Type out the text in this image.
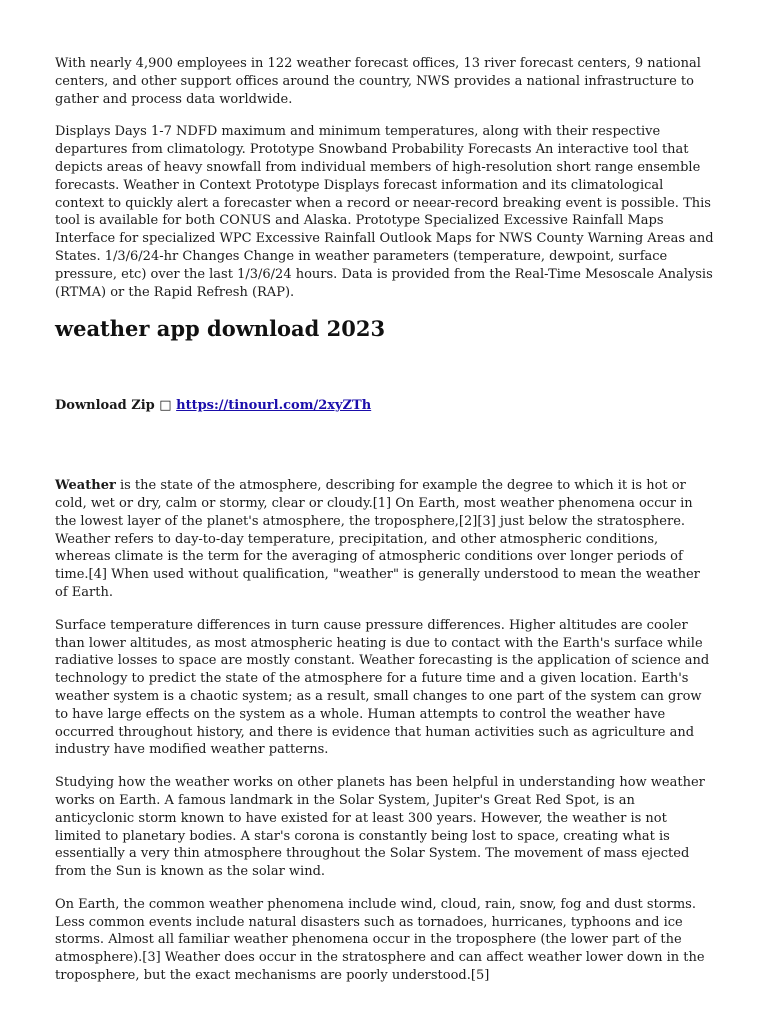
With nearly 4,900 employees in 122 weather forecast offices, 13 river forecast centers, 9 national centers, and other support offices around the country, NWS provides a national infrastructure to gather and process data worldwide.

Displays Days 1-7 NDFD maximum and minimum temperatures, along with their respective departures from climatology. Prototype Snowband Probability Forecasts An interactive tool that depicts areas of heavy snowfall from individual members of high-resolution short range ensemble forecasts. Weather in Context Prototype Displays forecast information and its climatological context to quickly alert a forecaster when a record or neear-record breaking event is possible. This tool is available for both CONUS and Alaska. Prototype Specialized Excessive Rainfall Maps Interface for specialized WPC Excessive Rainfall Outlook Maps for NWS County Warning Areas and States. 1/3/6/24-hr Changes Change in weather parameters (temperature, dewpoint, surface pressure, etc) over the last 1/3/6/24 hours. Data is provided from the Real-Time Mesoscale Analysis (RTMA) or the Rapid Refresh (RAP).

weather app download 2023
Download Zip □ https://tinourl.com/2xyZTh

Weather is the state of the atmosphere, describing for example the degree to which it is hot or cold, wet or dry, calm or stormy, clear or cloudy.[1] On Earth, most weather phenomena occur in the lowest layer of the planet's atmosphere, the troposphere,[2][3] just below the stratosphere. Weather refers to day-to-day temperature, precipitation, and other atmospheric conditions, whereas climate is the term for the averaging of atmospheric conditions over longer periods of time.[4] When used without qualification, "weather" is generally understood to mean the weather of Earth.

Surface temperature differences in turn cause pressure differences. Higher altitudes are cooler than lower altitudes, as most atmospheric heating is due to contact with the Earth's surface while radiative losses to space are mostly constant. Weather forecasting is the application of science and technology to predict the state of the atmosphere for a future time and a given location. Earth's weather system is a chaotic system; as a result, small changes to one part of the system can grow to have large effects on the system as a whole. Human attempts to control the weather have occurred throughout history, and there is evidence that human activities such as agriculture and industry have modified weather patterns.

Studying how the weather works on other planets has been helpful in understanding how weather works on Earth. A famous landmark in the Solar System, Jupiter's Great Red Spot, is an anticyclonic storm known to have existed for at least 300 years. However, the weather is not limited to planetary bodies. A star's corona is constantly being lost to space, creating what is essentially a very thin atmosphere throughout the Solar System. The movement of mass ejected from the Sun is known as the solar wind.

On Earth, the common weather phenomena include wind, cloud, rain, snow, fog and dust storms. Less common events include natural disasters such as tornadoes, hurricanes, typhoons and ice storms. Almost all familiar weather phenomena occur in the troposphere (the lower part of the atmosphere).[3] Weather does occur in the stratosphere and can affect weather lower down in the troposphere, but the exact mechanisms are poorly understood.[5]
